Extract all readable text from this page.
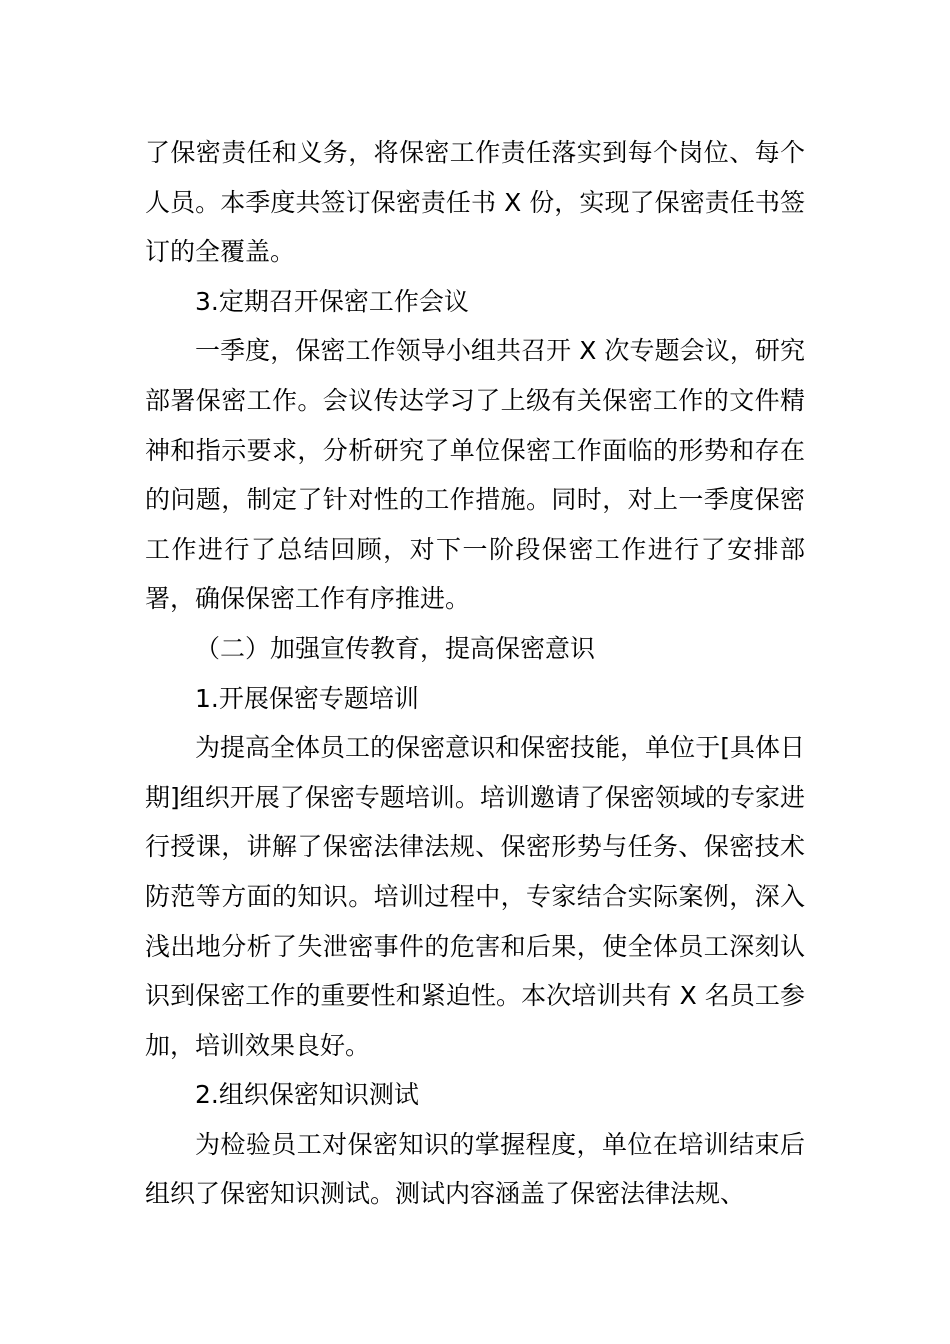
了保密责任和义务，将保密工作责任落实到每个岗位、每个人员。本季度共签订保密责任书 X 份，实现了保密责任书签订的全覆盖。

3.定期召开保密工作会议

一季度，保密工作领导小组共召开 X 次专题会议，研究部署保密工作。会议传达学习了上级有关保密工作的文件精神和指示要求，分析研究了单位保密工作面临的形势和存在的问题，制定了针对性的工作措施。同时，对上一季度保密工作进行了总结回顾，对下一阶段保密工作进行了安排部署，确保保密工作有序推进。

（二）加强宣传教育，提高保密意识

1.开展保密专题培训

为提高全体员工的保密意识和保密技能，单位于[具体日期]组织开展了保密专题培训。培训邀请了保密领域的专家进行授课，讲解了保密法律法规、保密形势与任务、保密技术防范等方面的知识。培训过程中，专家结合实际案例，深入浅出地分析了失泄密事件的危害和后果，使全体员工深刻认识到保密工作的重要性和紧迫性。本次培训共有 X 名员工参加，培训效果良好。

2.组织保密知识测试

为检验员工对保密知识的掌握程度，单位在培训结束后组织了保密知识测试。测试内容涵盖了保密法律法规、
